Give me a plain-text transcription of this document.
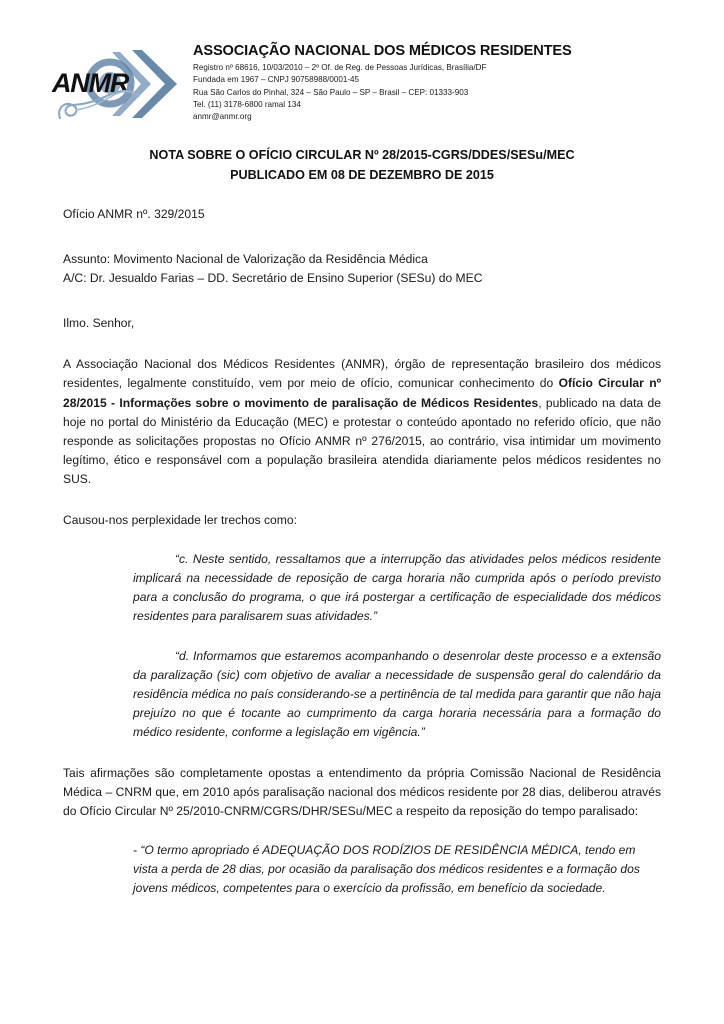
ANMR
ASSOCIAÇÃO NACIONAL DOS MÉDICOS RESIDENTES
Registro nº 68616, 10/03/2010 – 2º Of. de Reg. de Pessoas Jurídicas, Brasília/DF
Fundada em 1967 – CNPJ 90758988/0001-45
Rua São Carlos do Pinhal, 324 – São Paulo – SP – Brasil – CEP: 01333-903
Tel. (11) 3178-6800 ramal 134
anmr@anmr.org
NOTA SOBRE O OFÍCIO CIRCULAR Nº 28/2015-CGRS/DDES/SESu/MEC
PUBLICADO EM 08 DE DEZEMBRO DE 2015
Ofício ANMR nº. 329/2015
Assunto: Movimento Nacional de Valorização da Residência Médica
A/C: Dr. Jesualdo Farias – DD. Secretário de Ensino Superior (SESu) do MEC
Ilmo. Senhor,
A Associação Nacional dos Médicos Residentes (ANMR), órgão de representação brasileiro dos médicos residentes, legalmente constituído, vem por meio de ofício, comunicar conhecimento do Ofício Circular nº 28/2015 - Informações sobre o movimento de paralisação de Médicos Residentes, publicado na data de hoje no portal do Ministério da Educação (MEC) e protestar o conteúdo apontado no referido ofício, que não responde as solicitações propostas no Ofício ANMR nº 276/2015, ao contrário, visa intimidar um movimento legítimo, ético e responsável com a população brasileira atendida diariamente pelos médicos residentes no SUS.
Causou-nos perplexidade ler trechos como:
“c. Neste sentido, ressaltamos que a interrupção das atividades pelos médicos residente implicará na necessidade de reposição de carga horaria não cumprida após o período previsto para a conclusão do programa, o que irá postergar a certificação de especialidade dos médicos residentes para paralisarem suas atividades.”
“d. Informamos que estaremos acompanhando o desenrolar deste processo e a extensão da paralização (sic) com objetivo de avaliar a necessidade de suspensão geral do calendário da residência médica no país considerando-se a pertinência de tal medida para garantir que não haja prejuízo no que é tocante ao cumprimento da carga horaria necessária para a formação do médico residente, conforme a legislação em vigência.”
Tais afirmações são completamente opostas a entendimento da própria Comissão Nacional de Residência Médica – CNRM que, em 2010 após paralisação nacional dos médicos residente por 28 dias, deliberou através do Ofício Circular Nº 25/2010-CNRM/CGRS/DHR/SESu/MEC a respeito da reposição do tempo paralisado:
- “O termo apropriado é ADEQUAÇÃO DOS RODÍZIOS DE RESIDÊNCIA MÉDICA, tendo em vista a perda de 28 dias, por ocasião da paralisação dos médicos residentes e a formação dos jovens médicos, competentes para o exercício da profissão, em benefício da sociedade.
